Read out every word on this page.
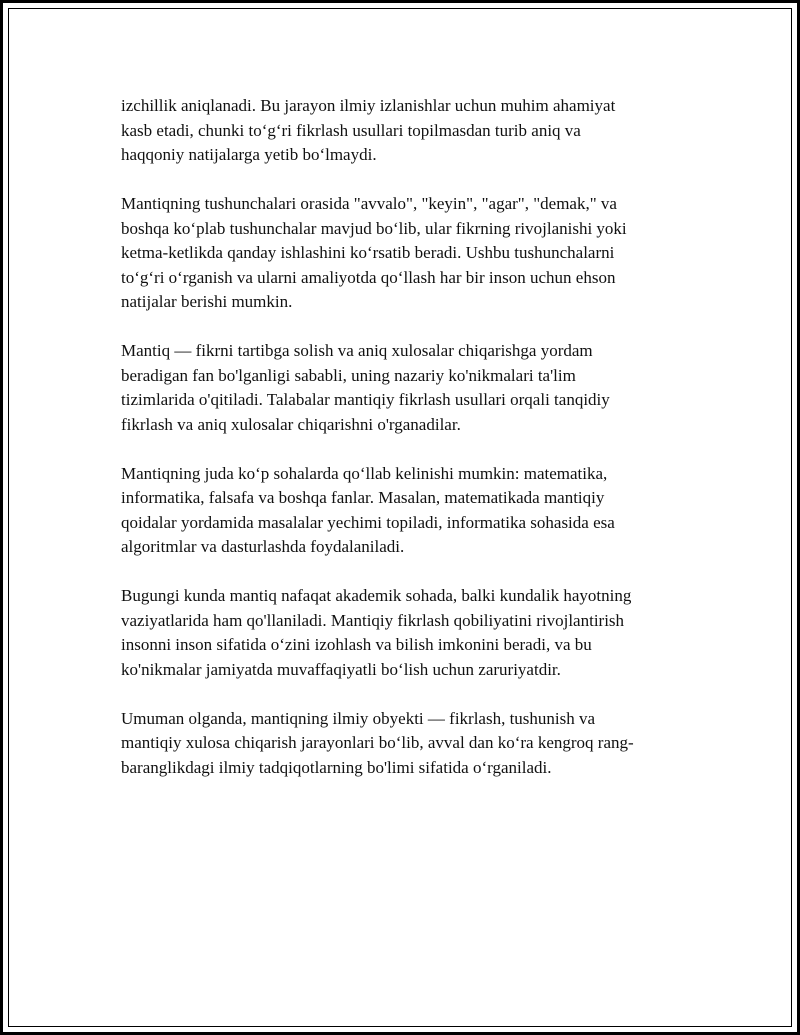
izchillik aniqlanadi. Bu jarayon ilmiy izlanishlar uchun muhim ahamiyat
kasb etadi, chunki to‘g‘ri fikrlash usullari topilmasdan turib aniq va
haqqoniy natijalarga yetib bo‘lmaydi.

Mantiqning tushunchalari orasida "avvalo", "keyin", "agar", "demak," va
boshqa ko‘plab tushunchalar mavjud bo‘lib, ular fikrning rivojlanishi yoki
ketma-ketlikda qanday ishlashini ko‘rsatib beradi. Ushbu tushunchalarni
to‘g‘ri o‘rganish va ularni amaliyotda qo‘llash har bir inson uchun ehson
natijalar berishi mumkin.

Mantiq — fikrni tartibga solish va aniq xulosalar chiqarishga yordam
beradigan fan bo'lganligi sababli, uning nazariy ko'nikmalari ta'lim
tizimlarida o'qitiladi. Talabalar mantiqiy fikrlash usullari orqali tanqidiy
fikrlash va aniq xulosalar chiqarishni o'rganadilar.

Mantiqning juda ko‘p sohalarda qo‘llab kelinishi mumkin: matematika,
informatika, falsafa va boshqa fanlar. Masalan, matematikada mantiqiy
qoidalar yordamida masalalar yechimi topiladi, informatika sohasida esa
algoritmlar va dasturlashda foydalaniladi.

Bugungi kunda mantiq nafaqat akademik sohada, balki kundalik hayotning
vaziyatlarida ham qo'llaniladi. Mantiqiy fikrlash qobiliyatini rivojlantirish
insonni inson sifatida o‘zini izohlash va bilish imkonini beradi, va bu
ko'nikmalar jamiyatda muvaffaqiyatli bo‘lish uchun zaruriyatdir.

Umuman olganda, mantiqning ilmiy obyekti — fikrlash, tushunish va
mantiqiy xulosa chiqarish jarayonlari bo‘lib, avval dan ko‘ra kengroq rang-
baranglikdagi ilmiy tadqiqotlarning bo'limi sifatida o‘rganiladi.
